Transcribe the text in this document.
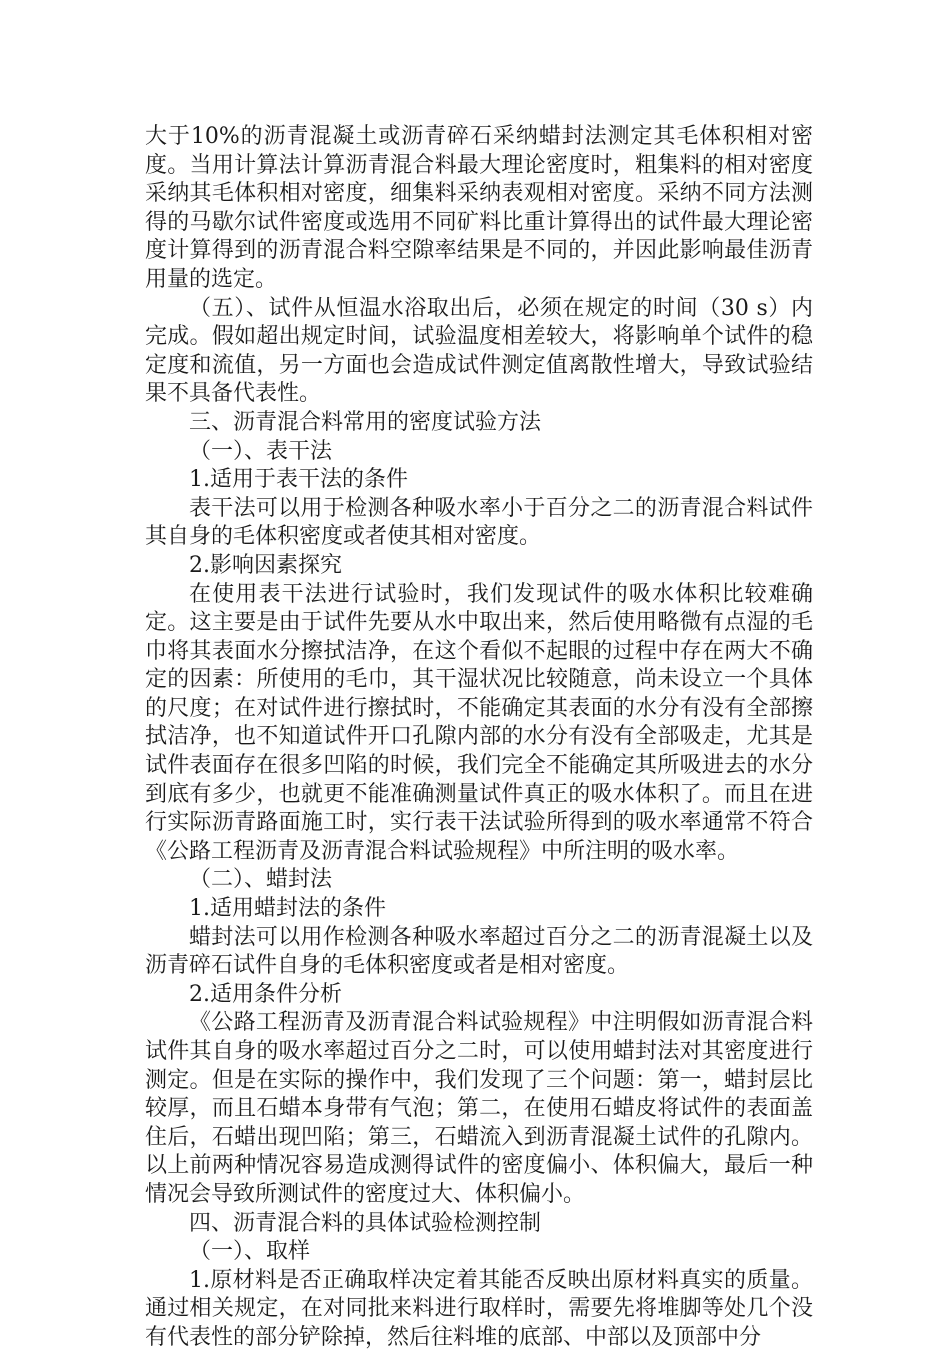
大于10%的沥青混凝土或沥青碎石采纳蜡封法测定其毛体积相对密度。当用计算法计算沥青混合料最大理论密度时，粗集料的相对密度采纳其毛体积相对密度，细集料采纳表观相对密度。采纳不同方法测得的马歇尔试件密度或选用不同矿料比重计算得出的试件最大理论密度计算得到的沥青混合料空隙率结果是不同的，并因此影响最佳沥青用量的选定。

（五）、试件从恒温水浴取出后，必须在规定的时间（30 s）内完成。假如超出规定时间，试验温度相差较大，将影响单个试件的稳定度和流值，另一方面也会造成试件测定值离散性增大，导致试验结果不具备代表性。

三、沥青混合料常用的密度试验方法

（一）、表干法

1.适用于表干法的条件

表干法可以用于检测各种吸水率小于百分之二的沥青混合料试件其自身的毛体积密度或者使其相对密度。

2.影响因素探究

在使用表干法进行试验时，我们发现试件的吸水体积比较难确定。这主要是由于试件先要从水中取出来，然后使用略微有点湿的毛巾将其表面水分擦拭洁净，在这个看似不起眼的过程中存在两大不确定的因素：所使用的毛巾，其干湿状况比较随意，尚未设立一个具体的尺度；在对试件进行擦拭时，不能确定其表面的水分有没有全部擦拭洁净，也不知道试件开口孔隙内部的水分有没有全部吸走，尤其是试件表面存在很多凹陷的时候，我们完全不能确定其所吸进去的水分到底有多少，也就更不能准确测量试件真正的吸水体积了。而且在进行实际沥青路面施工时，实行表干法试验所得到的吸水率通常不符合《公路工程沥青及沥青混合料试验规程》中所注明的吸水率。

（二）、蜡封法

1.适用蜡封法的条件

蜡封法可以用作检测各种吸水率超过百分之二的沥青混凝土以及沥青碎石试件自身的毛体积密度或者是相对密度。

2.适用条件分析

《公路工程沥青及沥青混合料试验规程》中注明假如沥青混合料试件其自身的吸水率超过百分之二时，可以使用蜡封法对其密度进行测定。但是在实际的操作中，我们发现了三个问题：第一，蜡封层比较厚，而且石蜡本身带有气泡；第二，在使用石蜡皮将试件的表面盖住后，石蜡出现凹陷；第三，石蜡流入到沥青混凝土试件的孔隙内。以上前两种情况容易造成测得试件的密度偏小、体积偏大，最后一种情况会导致所测试件的密度过大、体积偏小。

四、沥青混合料的具体试验检测控制

（一）、取样

1.原材料是否正确取样决定着其能否反映出原材料真实的质量。通过相关规定，在对同批来料进行取样时，需要先将堆脚等处几个没有代表性的部分铲除掉，然后往料堆的底部、中部以及顶部中分
